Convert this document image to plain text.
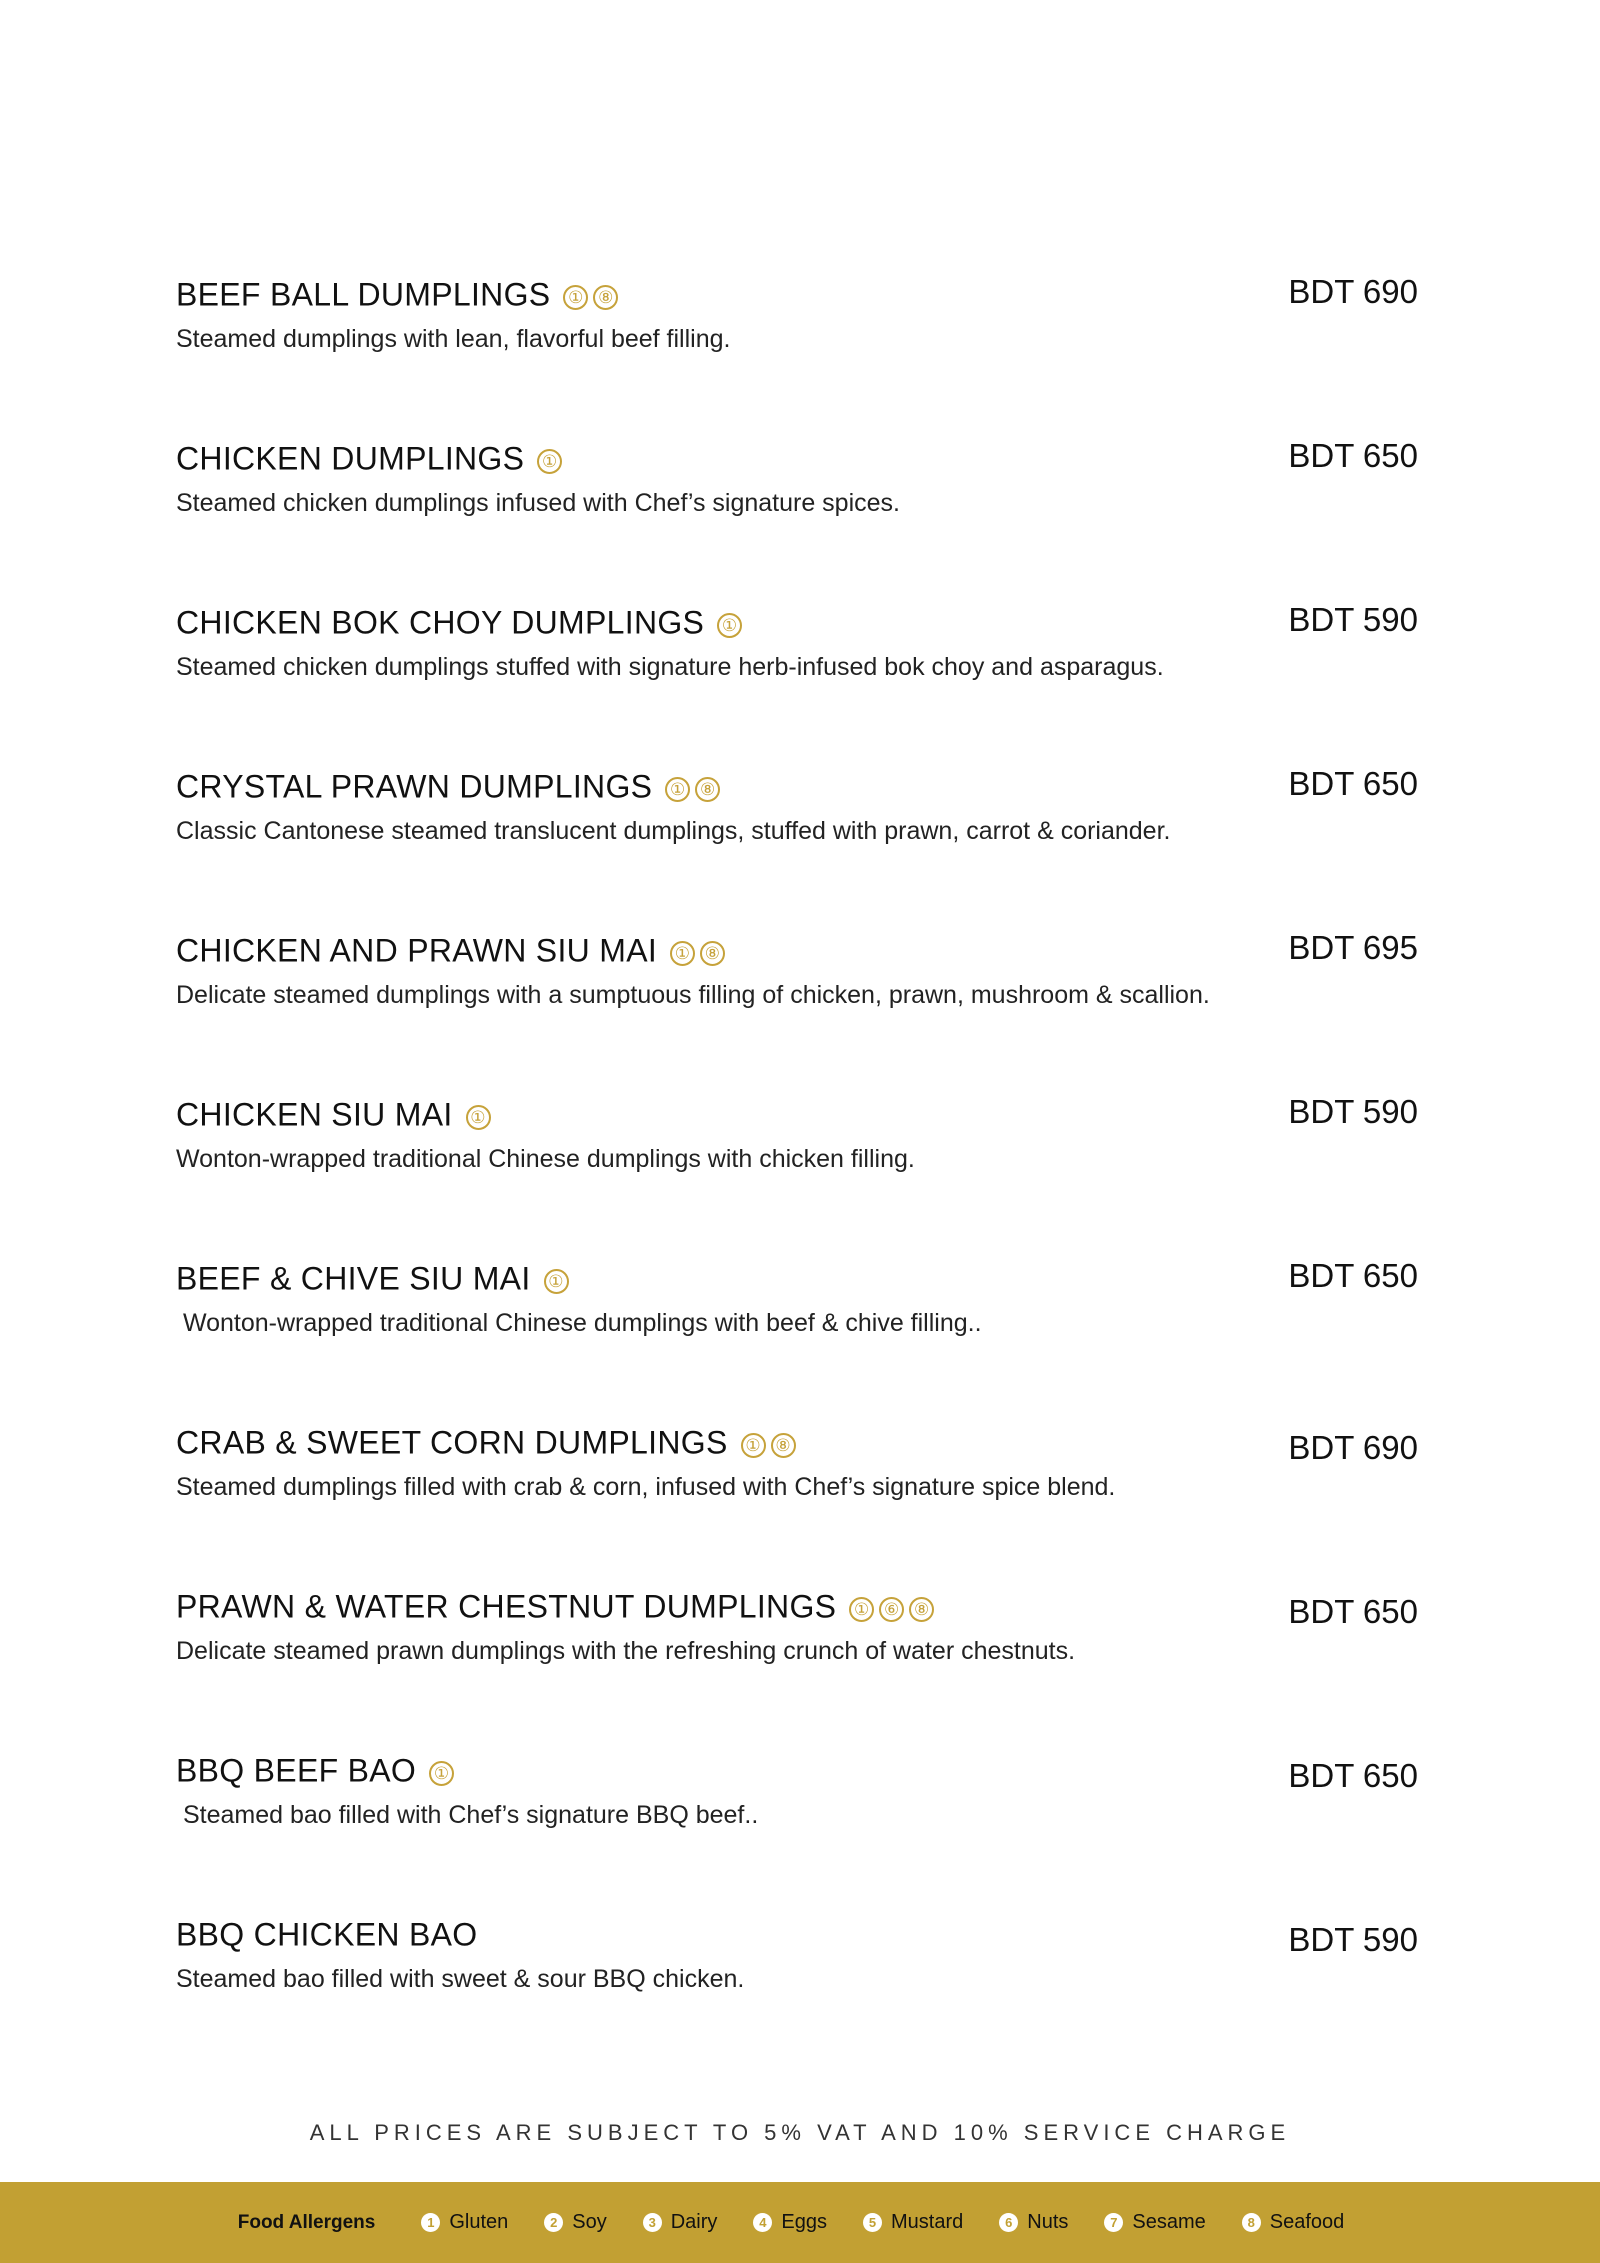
BEEF BALL DUMPLINGS ① ⑧
Steamed dumplings with lean, flavorful beef filling.
BDT 690
CHICKEN DUMPLINGS ①
Steamed chicken dumplings infused with Chef’s signature spices.
BDT 650
CHICKEN BOK CHOY DUMPLINGS ①
Steamed chicken dumplings stuffed with signature herb-infused bok choy and asparagus.
BDT 590
CRYSTAL PRAWN DUMPLINGS ① ⑧
Classic Cantonese steamed translucent dumplings, stuffed with prawn, carrot & coriander.
BDT 650
CHICKEN AND PRAWN SIU MAI ① ⑧
Delicate steamed dumplings with a sumptuous filling of chicken, prawn, mushroom & scallion.
BDT 695
CHICKEN SIU MAI ①
Wonton-wrapped traditional Chinese dumplings with chicken filling.
BDT 590
BEEF & CHIVE SIU MAI ①
Wonton-wrapped traditional Chinese dumplings with beef & chive filling..
BDT 650
CRAB & SWEET CORN DUMPLINGS ① ⑧
Steamed dumplings filled with crab & corn, infused with Chef’s signature spice blend.
BDT 690
PRAWN & WATER CHESTNUT DUMPLINGS ① ⑥ ⑧
Delicate steamed prawn dumplings with the refreshing crunch of water chestnuts.
BDT 650
BBQ BEEF BAO ①
Steamed bao filled with Chef’s signature BBQ beef..
BDT 650
BBQ CHICKEN BAO
Steamed bao filled with sweet & sour BBQ chicken.
BDT 590
ALL PRICES ARE SUBJECT TO 5% VAT AND 10% SERVICE CHARGE
Food Allergens	1 Gluten	2 Soy	3 Dairy	4 Eggs	5 Mustard	6 Nuts	7 Sesame	8 Seafood
